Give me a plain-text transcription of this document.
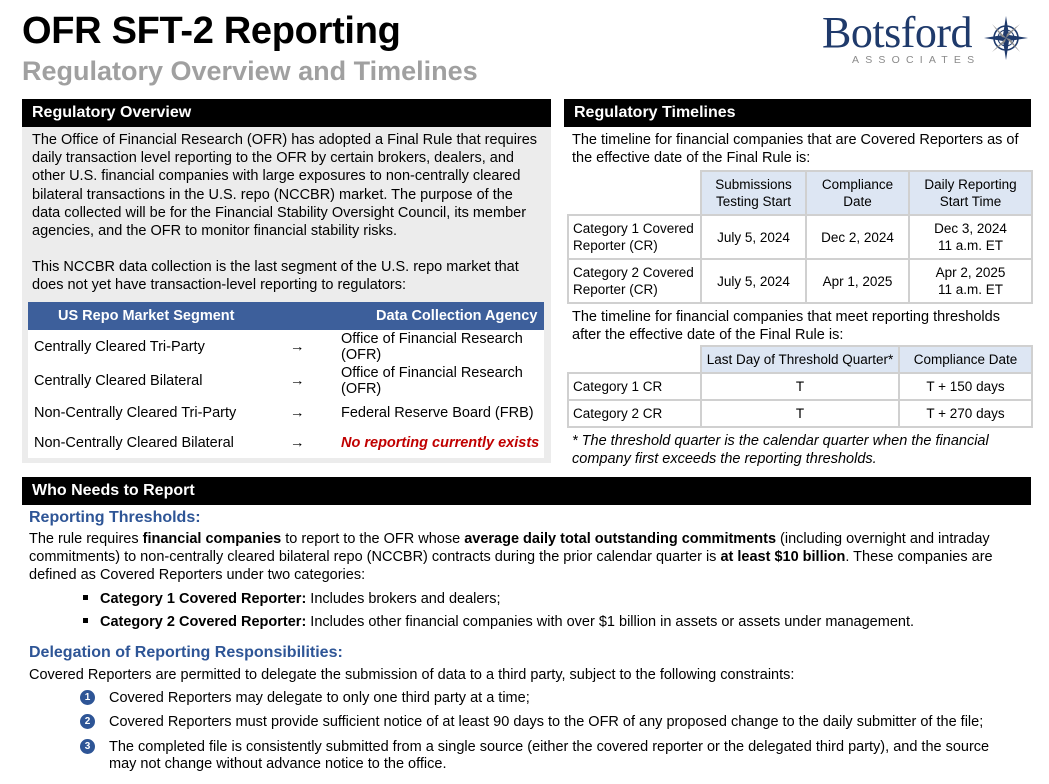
OFR SFT-2 Reporting
Regulatory Overview and Timelines
Botsford
ASSOCIATES
Regulatory Overview

The Office of Financial Research (OFR) has adopted a Final Rule that requires daily transaction level reporting to the OFR by certain brokers, dealers, and other U.S. financial companies with large exposures to non-centrally cleared bilateral transactions in the U.S. repo (NCCBR) market. The purpose of the data collected will be for the Financial Stability Oversight Council, its member agencies, and the OFR to monitor financial stability risks.

This NCCBR data collection is the last segment of the U.S. repo market that does not yet have transaction-level reporting to regulators:

US Repo Market Segment		Data Collection Agency
Centrally Cleared Tri-Party	→	Office of Financial Research (OFR)
Centrally Cleared Bilateral	→	Office of Financial Research (OFR)
Non-Centrally Cleared Tri-Party	→	Federal Reserve Board (FRB)
Non-Centrally Cleared Bilateral	→	No reporting currently exists
Regulatory Timelines
The timeline for financial companies that are Covered Reporters as of the effective date of the Final Rule is:
	Submissions Testing Start	Compliance Date	Daily Reporting Start Time
Category 1 Covered Reporter (CR)	July 5, 2024	Dec 2, 2024	Dec 3, 2024
11 a.m. ET

Category 2 Covered Reporter (CR)	July 5, 2024	Apr 1, 2025	Apr 2, 2025
11 a.m. ET
The timeline for financial companies that meet reporting thresholds after the effective date of the Final Rule is:
	Last Day of Threshold Quarter*	Compliance Date
Category 1 CR	T	T + 150 days
Category 2 CR	T	T + 270 days
* The threshold quarter is the calendar quarter when the financial company first exceeds the reporting thresholds.
Who Needs to Report
Reporting Thresholds:
The rule requires financial companies to report to the OFR whose average daily total outstanding commitments (including overnight and intraday
commitments) to non-centrally cleared bilateral repo (NCCBR) contracts during the prior calendar quarter is at least $10 billion. These companies are
defined as Covered Reporters under two categories:
Category 1 Covered Reporter: Includes brokers and dealers;
Category 2 Covered Reporter: Includes other financial companies with over $1 billion in assets or assets under management.
Delegation of Reporting Responsibilities:
Covered Reporters are permitted to delegate the submission of data to a third party, subject to the following constraints:
1 Covered Reporters may delegate to only one third party at a time;
2 Covered Reporters must provide sufficient notice of at least 90 days to the OFR of any proposed change to the daily submitter of the file;
3 The completed file is consistently submitted from a single source (either the covered reporter or the delegated third party), and the source
may not change without advance notice to the office.
